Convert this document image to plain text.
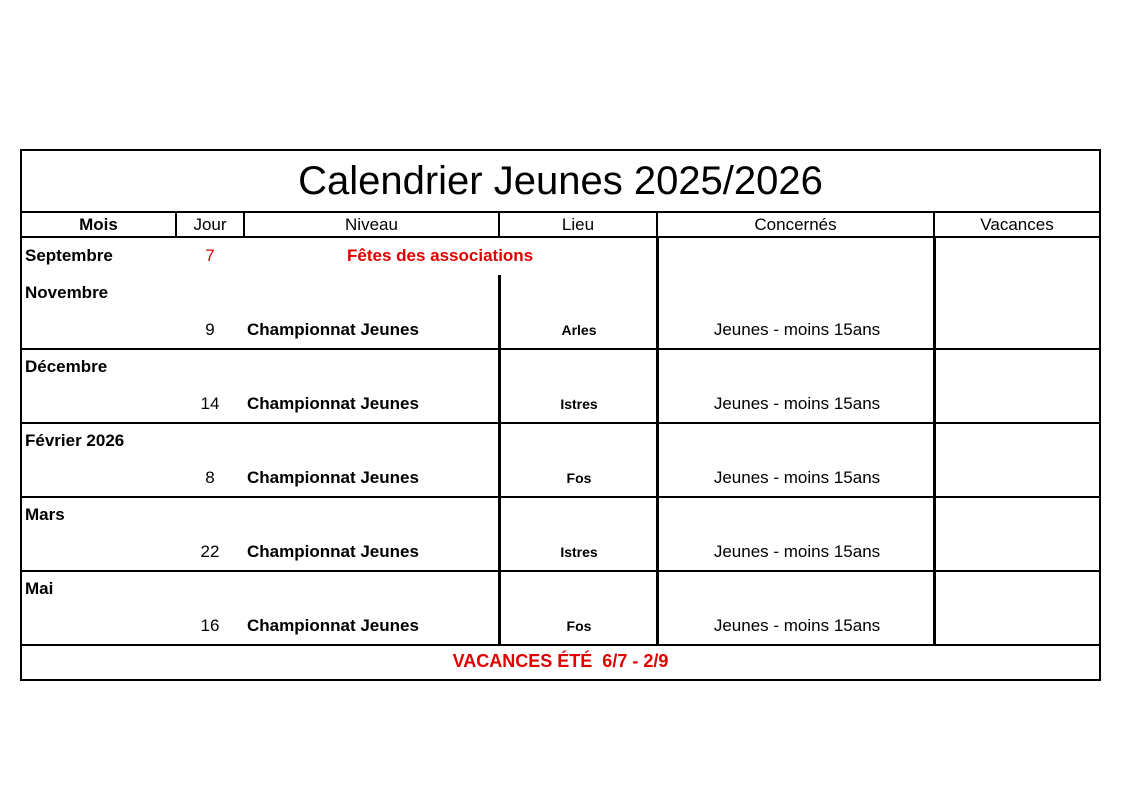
Calendrier Jeunes 2025/2026
Mois	Jour	Niveau	Lieu	Concernés	Vacances
Septembre	7	Fêtes des associations
Novembre
9	Championnat Jeunes	Arles	Jeunes - moins 15ans
Décembre
14	Championnat Jeunes	Istres	Jeunes - moins 15ans
Février 2026
8	Championnat Jeunes	Fos	Jeunes - moins 15ans
Mars
22	Championnat Jeunes	Istres	Jeunes - moins 15ans
Mai
16	Championnat Jeunes	Fos	Jeunes - moins 15ans
VACANCES ÉTÉ  6/7 - 2/9
